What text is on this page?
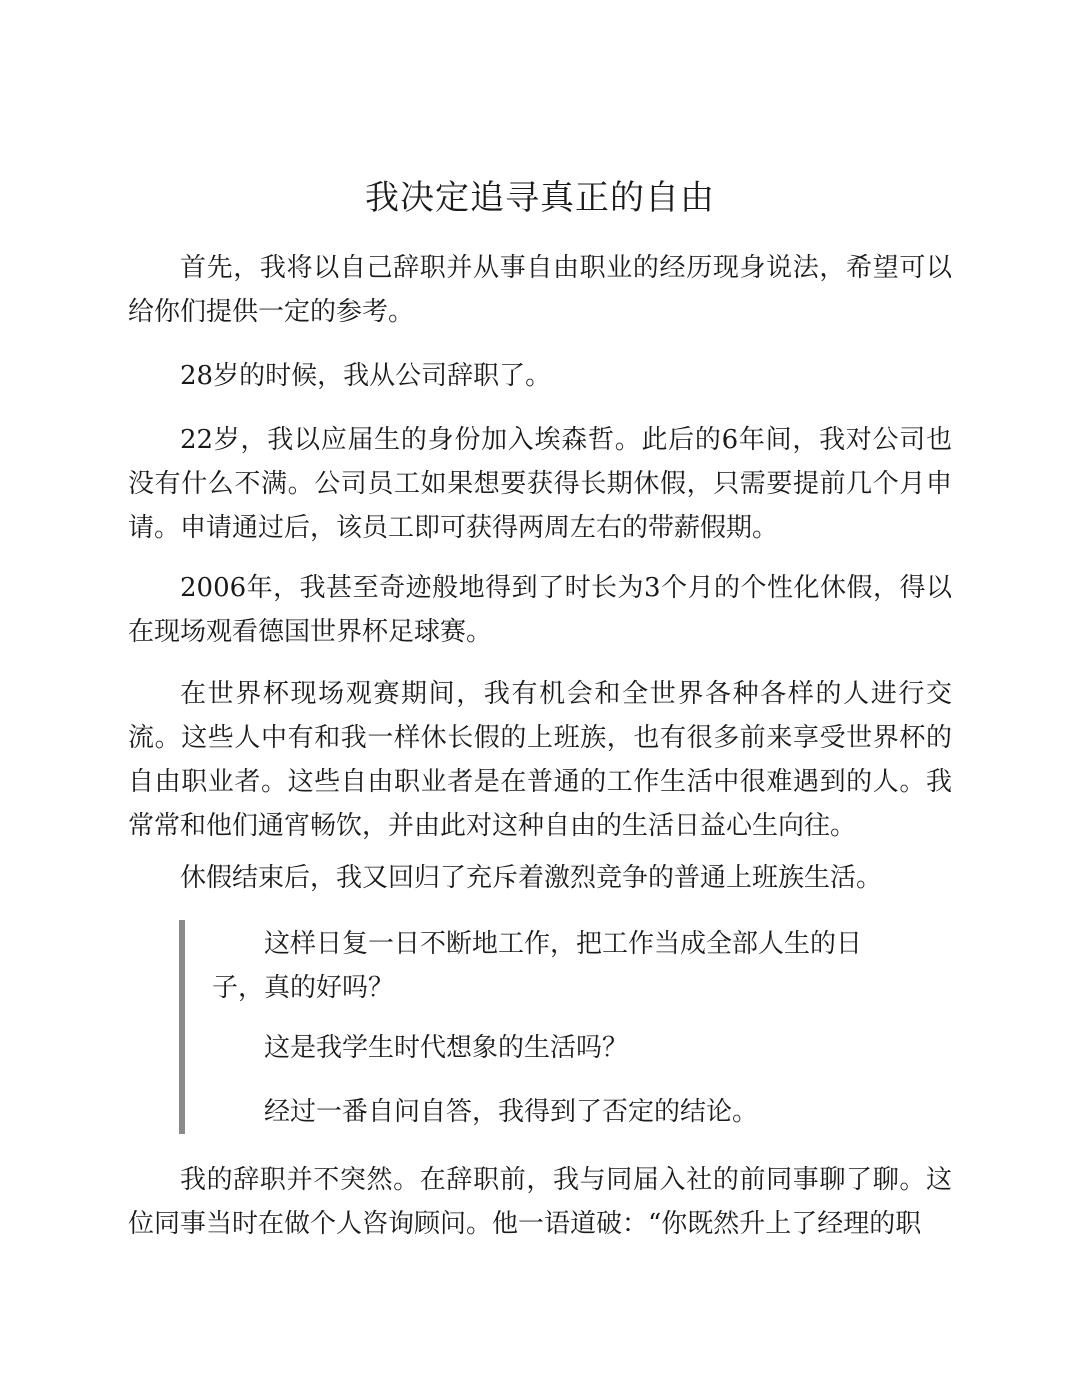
我决定追寻真正的自由

首先，我将以自己辞职并从事自由职业的经历现身说法，希望可以给你们提供一定的参考。

28岁的时候，我从公司辞职了。

22岁，我以应届生的身份加入埃森哲。此后的6年间，我对公司也没有什么不满。公司员工如果想要获得长期休假，只需要提前几个月申请。申请通过后，该员工即可获得两周左右的带薪假期。

2006年，我甚至奇迹般地得到了时长为3个月的个性化休假，得以在现场观看德国世界杯足球赛。

在世界杯现场观赛期间，我有机会和全世界各种各样的人进行交流。这些人中有和我一样休长假的上班族，也有很多前来享受世界杯的自由职业者。这些自由职业者是在普通的工作生活中很难遇到的人。我常常和他们通宵畅饮，并由此对这种自由的生活日益心生向往。

休假结束后，我又回归了充斥着激烈竞争的普通上班族生活。

我的辞职并不突然。在辞职前，我与同届入社的前同事聊了聊。这位同事当时在做个人咨询顾问。他一语道破：“你既然升上了经理的职

这样日复一日不断地工作，把工作当成全部人生的日子，真的好吗？

这是我学生时代想象的生活吗？

经过一番自问自答，我得到了否定的结论。
